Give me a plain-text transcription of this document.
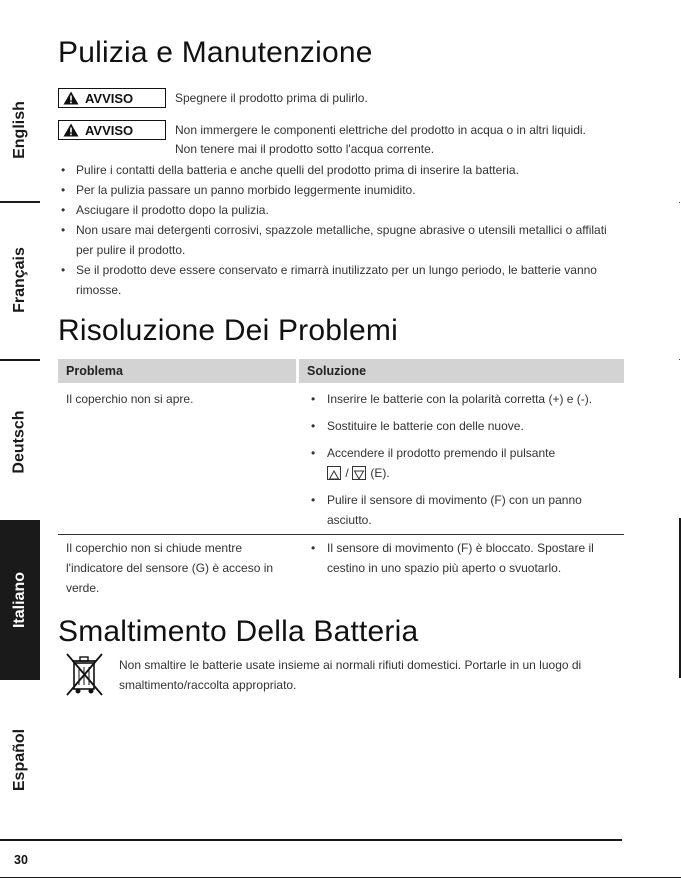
English
Français
Deutsch
Italiano
Español
Pulizia e Manutenzione
AVVISO	Spegnere il prodotto prima di pulirlo.
AVVISO	Non immergere le componenti elettriche del prodotto in acqua o in altri liquidi.
Non tenere mai il prodotto sotto l'acqua corrente.
• Pulire i contatti della batteria e anche quelli del prodotto prima di inserire la batteria.
• Per la pulizia passare un panno morbido leggermente inumidito.
• Asciugare il prodotto dopo la pulizia.
• Non usare mai detergenti corrosivi, spazzole metalliche, spugne abrasive o utensili metallici o affilati per pulire il prodotto.
• Se il prodotto deve essere conservato e rimarrà inutilizzato per un lungo periodo, le batterie vanno rimosse.
Risoluzione Dei Problemi
Problema	Soluzione
Il coperchio non si apre.
•	Inserire le batterie con la polarità corretta (+) e (-).
• Sostituire le batterie con delle nuove.
• Accendere il prodotto premendo il pulsante
/ (E).
• Pulire il sensore di movimento (F) con un panno asciutto.
Il coperchio non si chiude mentre l'indicatore del sensore (G) è acceso in verde.
• Il sensore di movimento (F) è bloccato. Spostare il cestino in uno spazio più aperto o svuotarlo.
Smaltimento Della Batteria
Non smaltire le batterie usate insieme ai normali rifiuti domestici. Portarle in un luogo di smaltimento/raccolta appropriato.
30
